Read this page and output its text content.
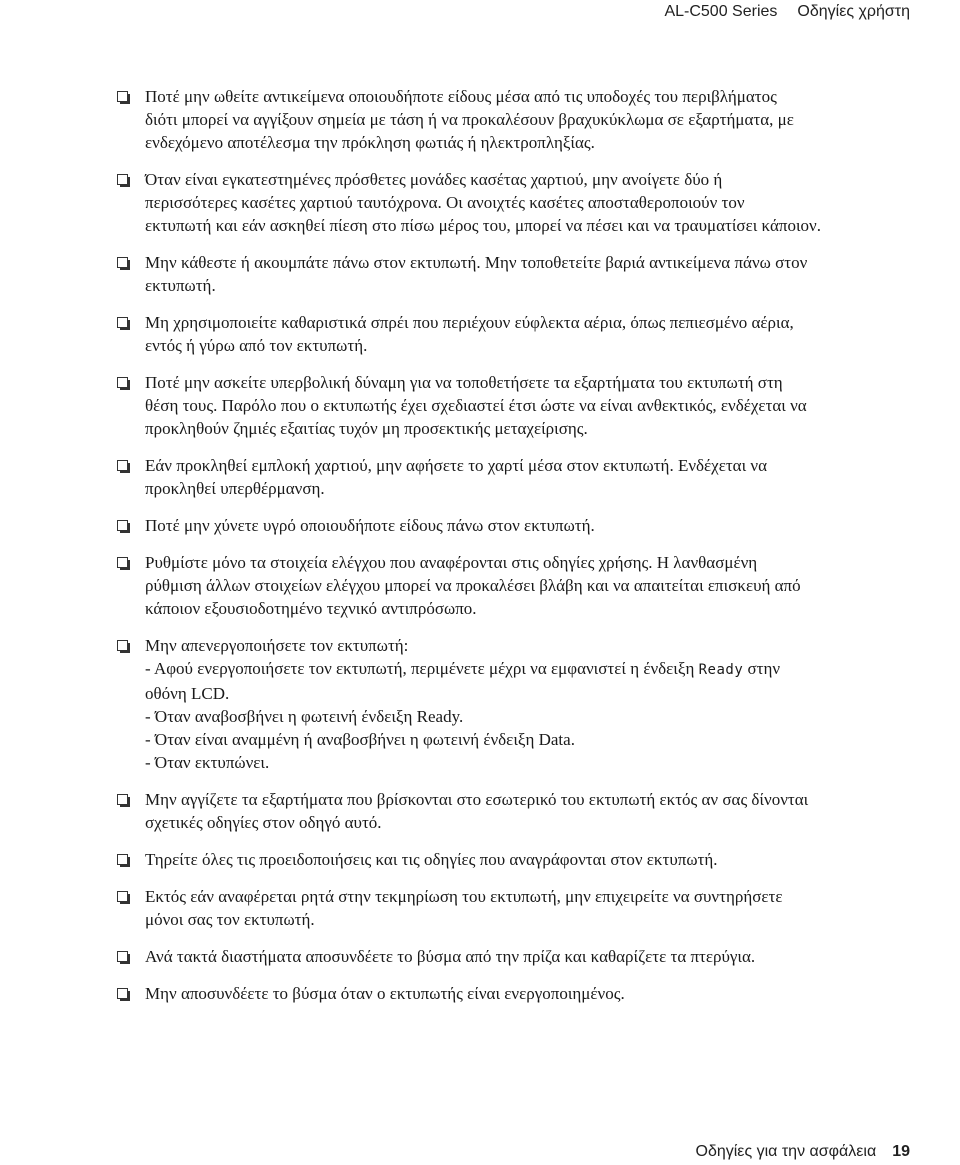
AL-C500 Series Οδηγίες χρήστη
Ποτέ μην ωθείτε αντικείμενα οποιουδήποτε είδους μέσα από τις υποδοχές του περιβλήματος
διότι μπορεί να αγγίξουν σημεία με τάση ή να προκαλέσουν βραχυκύκλωμα σε εξαρτήματα, με
ενδεχόμενο αποτέλεσμα την πρόκληση φωτιάς ή ηλεκτροπληξίας.
Όταν είναι εγκατεστημένες πρόσθετες μονάδες κασέτας χαρτιού, μην ανοίγετε δύο ή
περισσότερες κασέτες χαρτιού ταυτόχρονα. Οι ανοιχτές κασέτες αποσταθεροποιούν τον
εκτυπωτή και εάν ασκηθεί πίεση στο πίσω μέρος του, μπορεί να πέσει και να τραυματίσει κάποιον.
Μην κάθεστε ή ακουμπάτε πάνω στον εκτυπωτή. Μην τοποθετείτε βαριά αντικείμενα πάνω στον
εκτυπωτή.
Μη χρησιμοποιείτε καθαριστικά σπρέι που περιέχουν εύφλεκτα αέρια, όπως πεπιεσμένο αέρια,
εντός ή γύρω από τον εκτυπωτή.
Ποτέ μην ασκείτε υπερβολική δύναμη για να τοποθετήσετε τα εξαρτήματα του εκτυπωτή στη
θέση τους. Παρόλο που ο εκτυπωτής έχει σχεδιαστεί έτσι ώστε να είναι ανθεκτικός, ενδέχεται να
προκληθούν ζημιές εξαιτίας τυχόν μη προσεκτικής μεταχείρισης.
Εάν προκληθεί εμπλοκή χαρτιού, μην αφήσετε το χαρτί μέσα στον εκτυπωτή. Ενδέχεται να
προκληθεί υπερθέρμανση.
Ποτέ μην χύνετε υγρό οποιουδήποτε είδους πάνω στον εκτυπωτή.
Ρυθμίστε μόνο τα στοιχεία ελέγχου που αναφέρονται στις οδηγίες χρήσης. Η λανθασμένη
ρύθμιση άλλων στοιχείων ελέγχου μπορεί να προκαλέσει βλάβη και να απαιτείται επισκευή από
κάποιον εξουσιοδοτημένο τεχνικό αντιπρόσωπο.
Μην απενεργοποιήσετε τον εκτυπωτή:
- Αφού ενεργοποιήσετε τον εκτυπωτή, περιμένετε μέχρι να εμφανιστεί η ένδειξη Ready στην
οθόνη LCD.
- Όταν αναβοσβήνει η φωτεινή ένδειξη Ready.
- Όταν είναι αναμμένη ή αναβοσβήνει η φωτεινή ένδειξη Data.
- Όταν εκτυπώνει.
Μην αγγίζετε τα εξαρτήματα που βρίσκονται στο εσωτερικό του εκτυπωτή εκτός αν σας δίνονται
σχετικές οδηγίες στον οδηγό αυτό.
Τηρείτε όλες τις προειδοποιήσεις και τις οδηγίες που αναγράφονται στον εκτυπωτή.
Εκτός εάν αναφέρεται ρητά στην τεκμηρίωση του εκτυπωτή, μην επιχειρείτε να συντηρήσετε
μόνοι σας τον εκτυπωτή.
Ανά τακτά διαστήματα αποσυνδέετε το βύσμα από την πρίζα και καθαρίζετε τα πτερύγια.
Μην αποσυνδέετε το βύσμα όταν ο εκτυπωτής είναι ενεργοποιημένος.
Οδηγίες για την ασφάλεια 19
